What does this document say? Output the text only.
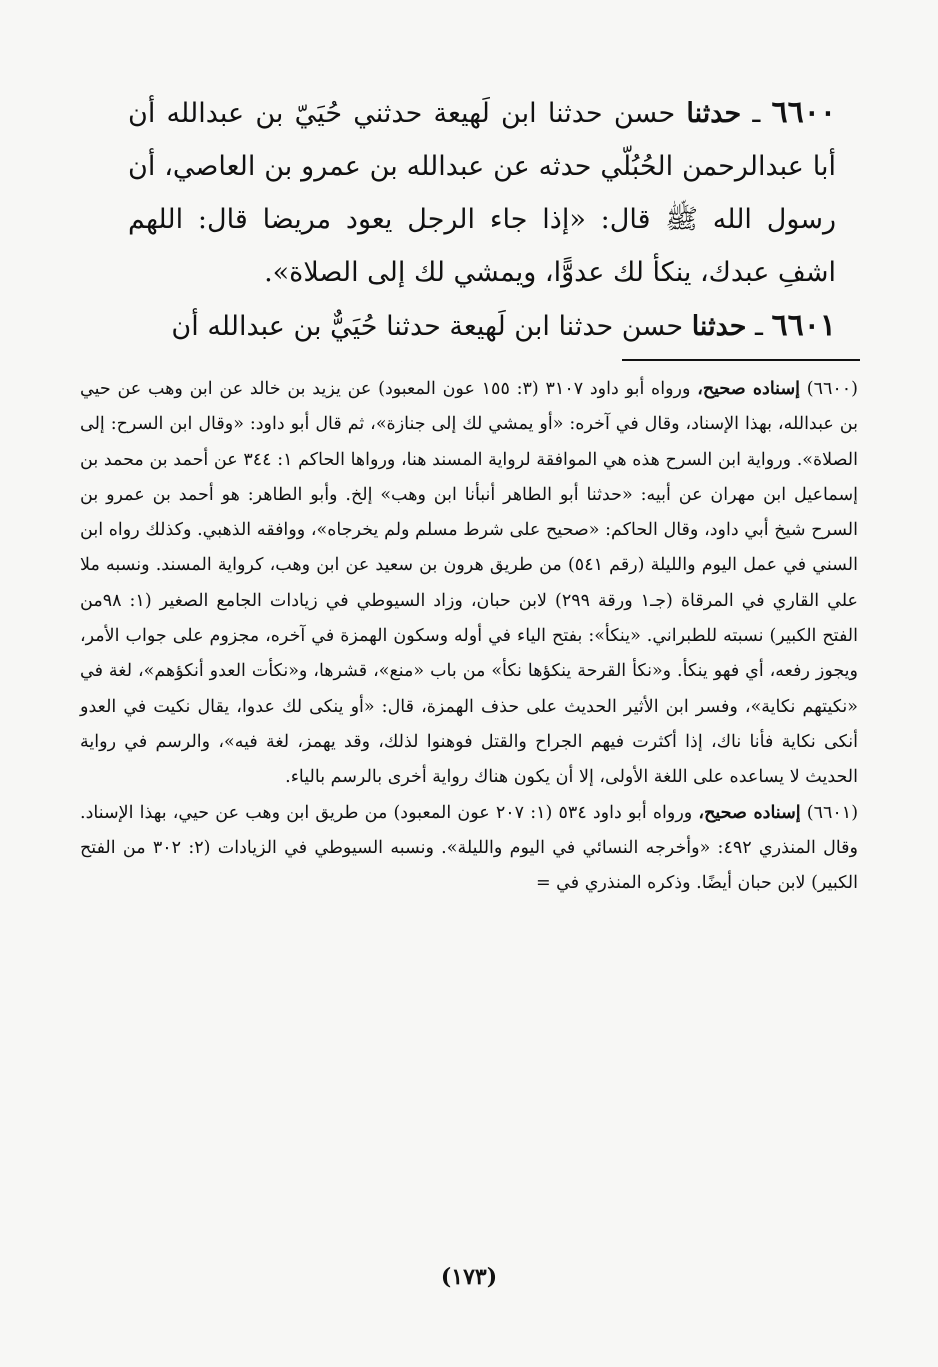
٦٦٠٠ ـ حدثنا حسن حدثنا ابن لَهيعة حدثني حُيَيّ بن عبدالله أن أبا عبدالرحمن الحُبُلّي حدثه عن عبدالله بن عمرو بن العاصي، أن رسول الله ﷺ قال: «إذا جاء الرجل يعود مريضا قال: اللهم اشفِ عبدك، ينكأ لك عدوًّا، ويمشي لك إلى الصلاة».

٦٦٠١ ـ حدثنا حسن حدثنا ابن لَهيعة حدثنا حُيَيٌّ بن عبدالله أن

(٦٦٠٠) إسناده صحيح، ورواه أبو داود ٣١٠٧ (٣: ١٥٥ عون المعبود) عن يزيد بن خالد عن ابن وهب عن حيي بن عبدالله، بهذا الإسناد، وقال في آخره: «أو يمشي لك إلى جنازة»، ثم قال أبو داود: «وقال ابن السرح: إلى الصلاة». ورواية ابن السرح هذه هي الموافقة لرواية المسند هنا، ورواها الحاكم ١: ٣٤٤ عن أحمد بن محمد بن إسماعيل ابن مهران عن أبيه: «حدثنا أبو الطاهر أنبأنا ابن وهب» إلخ. وأبو الطاهر: هو أحمد بن عمرو بن السرح شيخ أبي داود، وقال الحاكم: «صحيح على شرط مسلم ولم يخرجاه»، ووافقه الذهبي. وكذلك رواه ابن السني في عمل اليوم والليلة (رقم ٥٤١) من طريق هرون بن سعيد عن ابن وهب، كرواية المسند. ونسبه ملا علي القاري في المرقاة (جـ١ ورقة ٢٩٩) لابن حبان، وزاد السيوطي في زيادات الجامع الصغير (١: ٩٨من الفتح الكبير) نسبته للطبراني. «ينكأ»: بفتح الياء في أوله وسكون الهمزة في آخره، مجزوم على جواب الأمر، ويجوز رفعه، أي فهو ينكأ. و«نكأ القرحة ينكؤها نكأ» من باب «منع»، قشرها، و«نكأت العدو أنكؤهم»، لغة في «نكيتهم نكاية»، وفسر ابن الأثير الحديث على حذف الهمزة، قال: «أو ينكى لك عدوا، يقال نكيت في العدو أنكى نكاية فأنا ناك، إذا أكثرت فيهم الجراح والقتل فوهنوا لذلك، وقد يهمز، لغة فيه»، والرسم في رواية الحديث لا يساعده على اللغة الأولى، إلا أن يكون هناك رواية أخرى بالرسم بالياء.

(٦٦٠١) إسناده صحيح، ورواه أبو داود ٥٣٤ (١: ٢٠٧ عون المعبود) من طريق ابن وهب عن حيي، بهذا الإسناد. وقال المنذري ٤٩٢: «وأخرجه النسائي في اليوم والليلة». ونسبه السيوطي في الزيادات (٢: ٣٠٢ من الفتح الكبير) لابن حبان أيضًا. وذكره المنذري في =

(١٧٣)
